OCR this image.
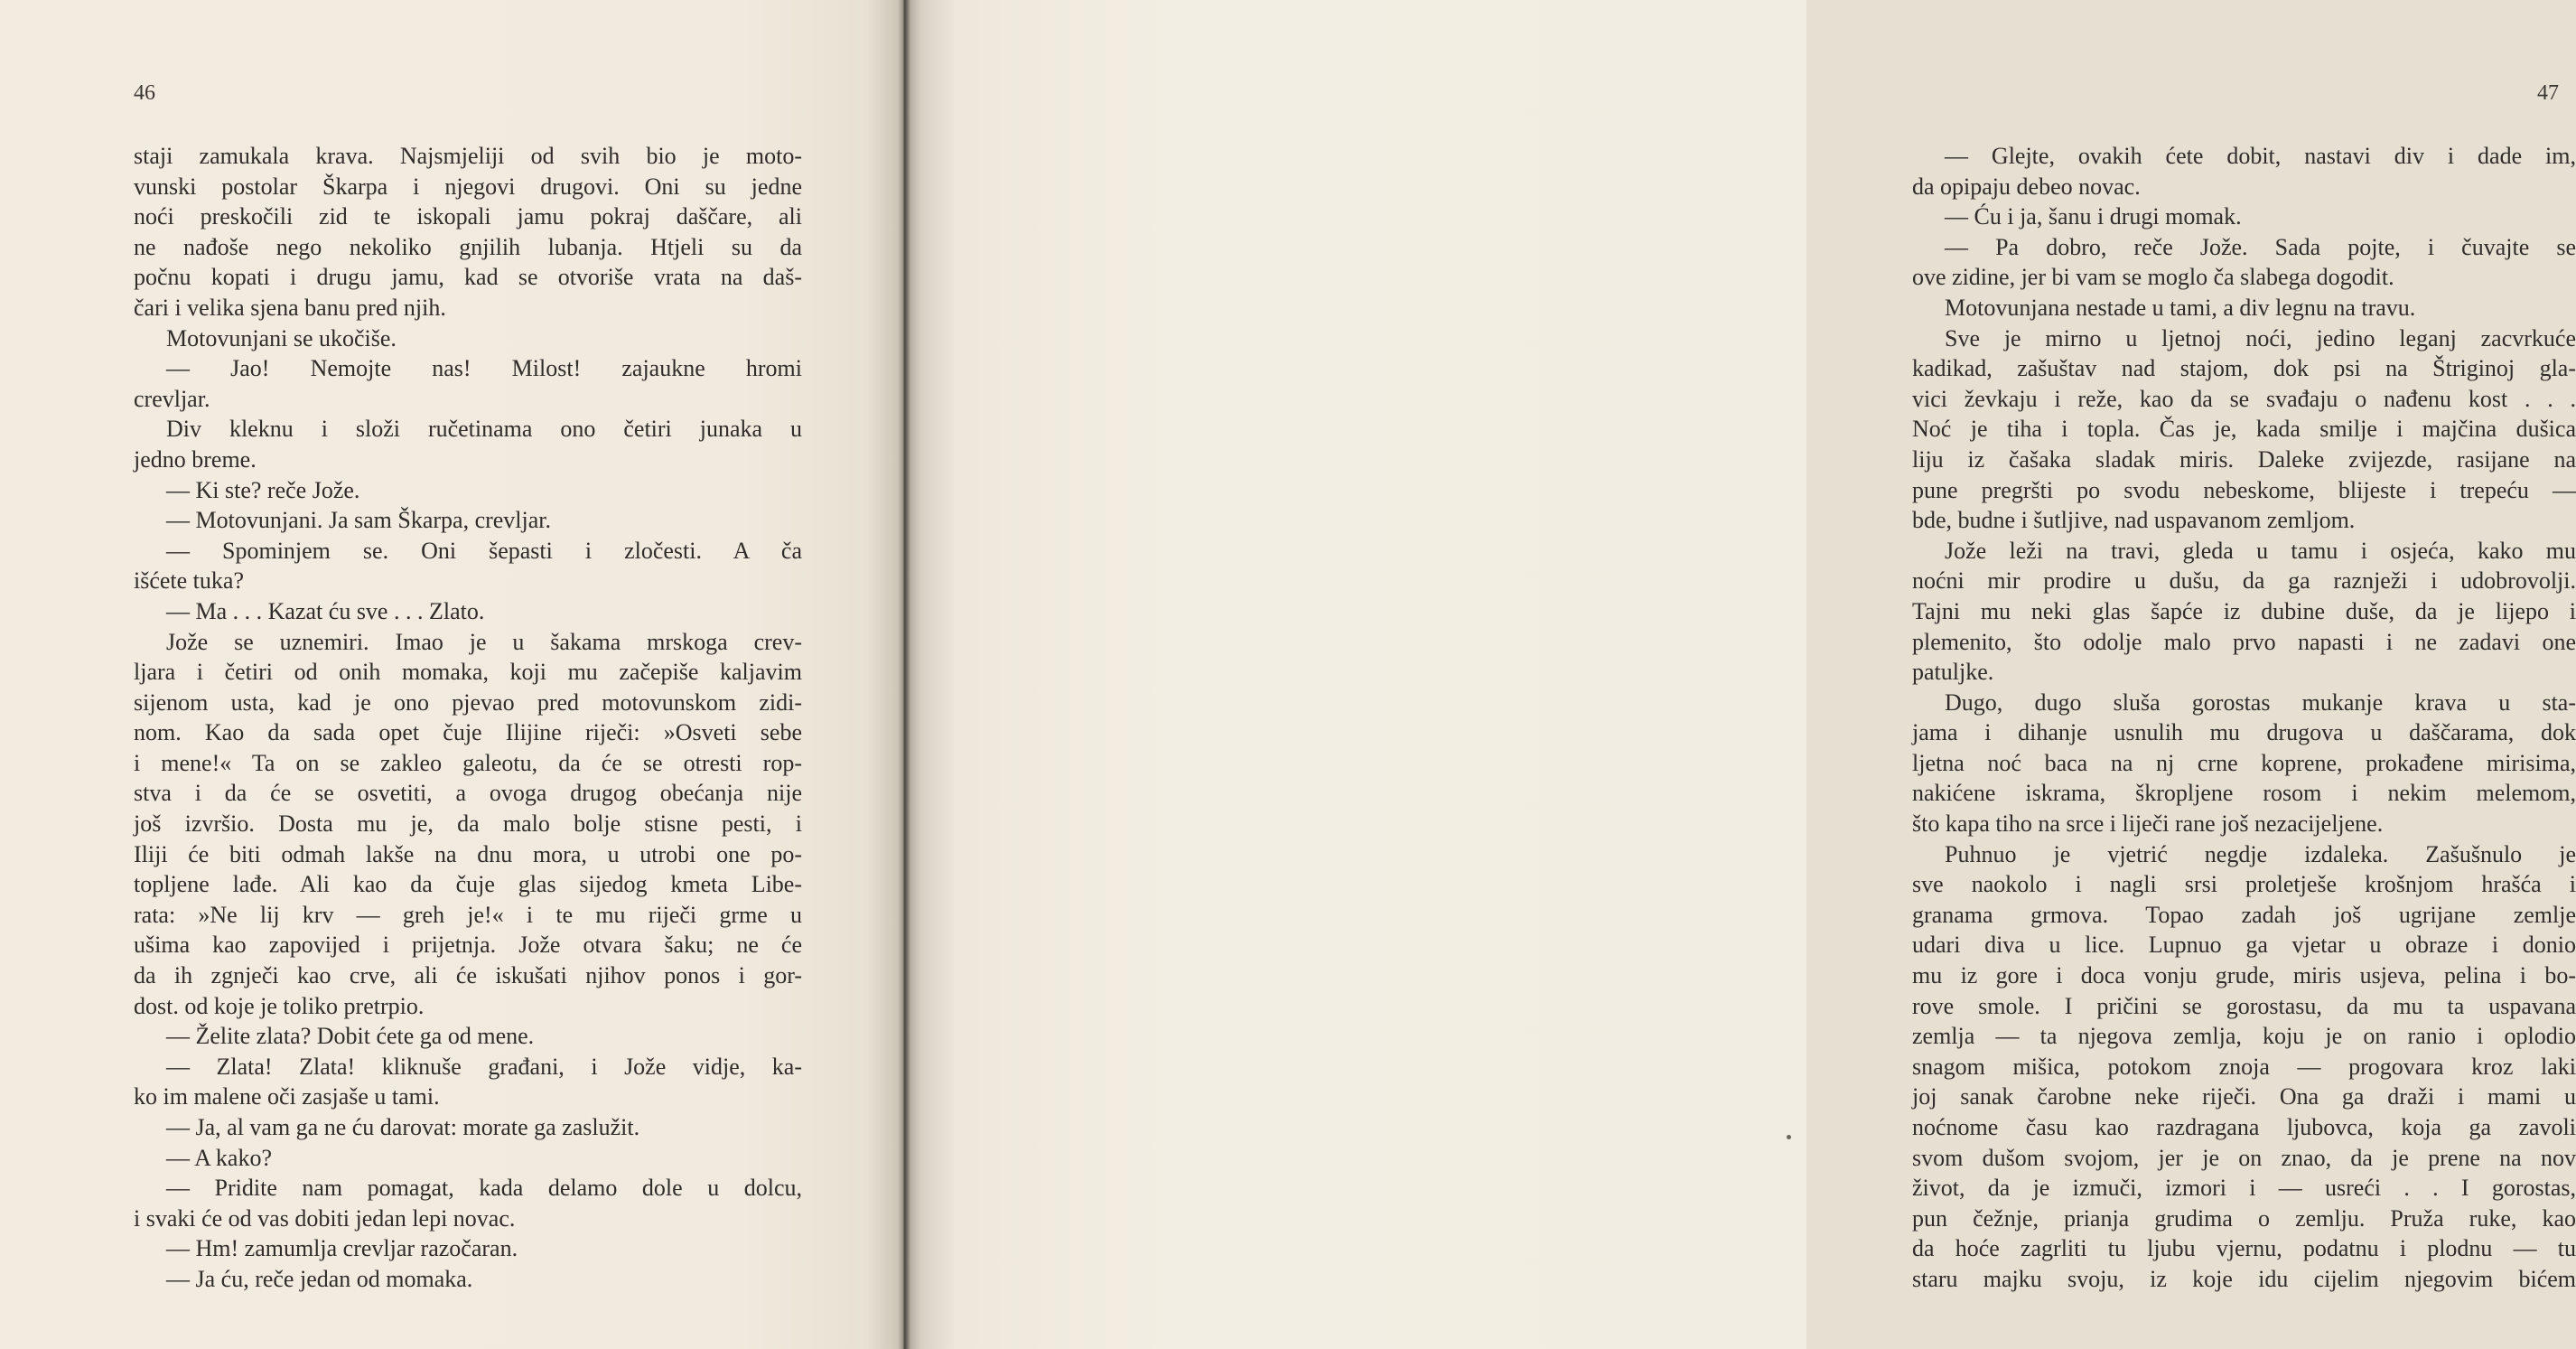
46
staji zamukala krava. Najsmjeliji od svih bio je moto-
vunski postolar Škarpa i njegovi drugovi. Oni su jedne
noći preskočili zid te iskopali jamu pokraj daščare, ali
ne nađoše nego nekoliko gnjilih lubanja. Htjeli su da
počnu kopati i drugu jamu, kad se otvoriše vrata na daš-
čari i velika sjena banu pred njih.
Motovunjani se ukočiše.
— Jao! Nemojte nas! Milost! zajaukne hromi
crevljar.
Div kleknu i složi ručetinama ono četiri junaka u
jedno breme.
— Ki ste? reče Jože.
— Motovunjani. Ja sam Škarpa, crevljar.
— Spominjem se. Oni šepasti i zločesti. A ča
išćete tuka?
— Ma . . . Kazat ću sve . . . Zlato.
Jože se uznemiri. Imao je u šakama mrskoga crev-
ljara i četiri od onih momaka, koji mu začepiše kaljavim
sijenom usta, kad je ono pjevao pred motovunskom zidi-
nom. Kao da sada opet čuje Ilijine riječi: »Osveti sebe
i mene!« Ta on se zakleo galeotu, da će se otresti rop-
stva i da će se osvetiti, a ovoga drugog obećanja nije
još izvršio. Dosta mu je, da malo bolje stisne pesti, i
Iliji će biti odmah lakše na dnu mora, u utrobi one po-
topljene lađe. Ali kao da čuje glas sijedog kmeta Libe-
rata: »Ne lij krv — greh je!« i te mu riječi grme u
ušima kao zapovijed i prijetnja. Jože otvara šaku; ne će
da ih zgnječi kao crve, ali će iskušati njihov ponos i gor-
dost. od koje je toliko pretrpio.
— Želite zlata? Dobit ćete ga od mene.
— Zlata! Zlata! kliknuše građani, i Jože vidje, ka-
ko im malene oči zasjaše u tami.
— Ja, al vam ga ne ću darovat: morate ga zaslužit.
— A kako?
— Pridite nam pomagat, kada delamo dole u dolcu,
i svaki će od vas dobiti jedan lepi novac.
— Hm! zamumlja crevljar razočaran.
— Ja ću, reče jedan od momaka.
47
— Glejte, ovakih ćete dobit, nastavi div i dade im,
da opipaju debeo novac.
— Ću i ja, šanu i drugi momak.
— Pa dobro, reče Jože. Sada pojte, i čuvajte se
ove zidine, jer bi vam se moglo ča slabega dogodit.
Motovunjana nestade u tami, a div legnu na travu.
Sve je mirno u ljetnoj noći, jedino leganj zacvrkuće
kadikad, zašuštav nad stajom, dok psi na Štriginoj gla-
vici ževkaju i reže, kao da se svađaju o nađenu kost . . .
Noć je tiha i topla. Čas je, kada smilje i majčina dušica
liju iz čašaka sladak miris. Daleke zvijezde, rasijane na
pune pregršti po svodu nebeskome, blijeste i trepeću —
bde, budne i šutljive, nad uspavanom zemljom.
Jože leži na travi, gleda u tamu i osjeća, kako mu
noćni mir prodire u dušu, da ga raznježi i udobrovolji.
Tajni mu neki glas šapće iz dubine duše, da je lijepo i
plemenito, što odolje malo prvo napasti i ne zadavi one
patuljke.
Dugo, dugo sluša gorostas mukanje krava u sta-
jama i dihanje usnulih mu drugova u daščarama, dok
ljetna noć baca na nj crne koprene, prokađene mirisima,
nakićene iskrama, škropljene rosom i nekim melemom,
što kapa tiho na srce i liječi rane još nezacijeljene.
Puhnuo je vjetrić negdje izdaleka. Zašušnulo je
sve naokolo i nagli srsi proletješe krošnjom hrašća i
granama grmova. Topao zadah još ugrijane zemlje
udari diva u lice. Lupnuo ga vjetar u obraze i donio
mu iz gore i doca vonju grude, miris usjeva, pelina i bo-
rove smole. I pričini se gorostasu, da mu ta uspavana
zemlja — ta njegova zemlja, koju je on ranio i oplodio
snagom mišica, potokom znoja — progovara kroz laki
joj sanak čarobne neke riječi. Ona ga draži i mami u
noćnome času kao razdragana ljubovca, koja ga zavoli
svom dušom svojom, jer je on znao, da je prene na nov
život, da je izmuči, izmori i — usreći . . I gorostas,
pun čežnje, prianja grudima o zemlju. Pruža ruke, kao
da hoće zagrliti tu ljubu vjernu, podatnu i plodnu — tu
staru majku svoju, iz koje idu cijelim njegovim bićem
